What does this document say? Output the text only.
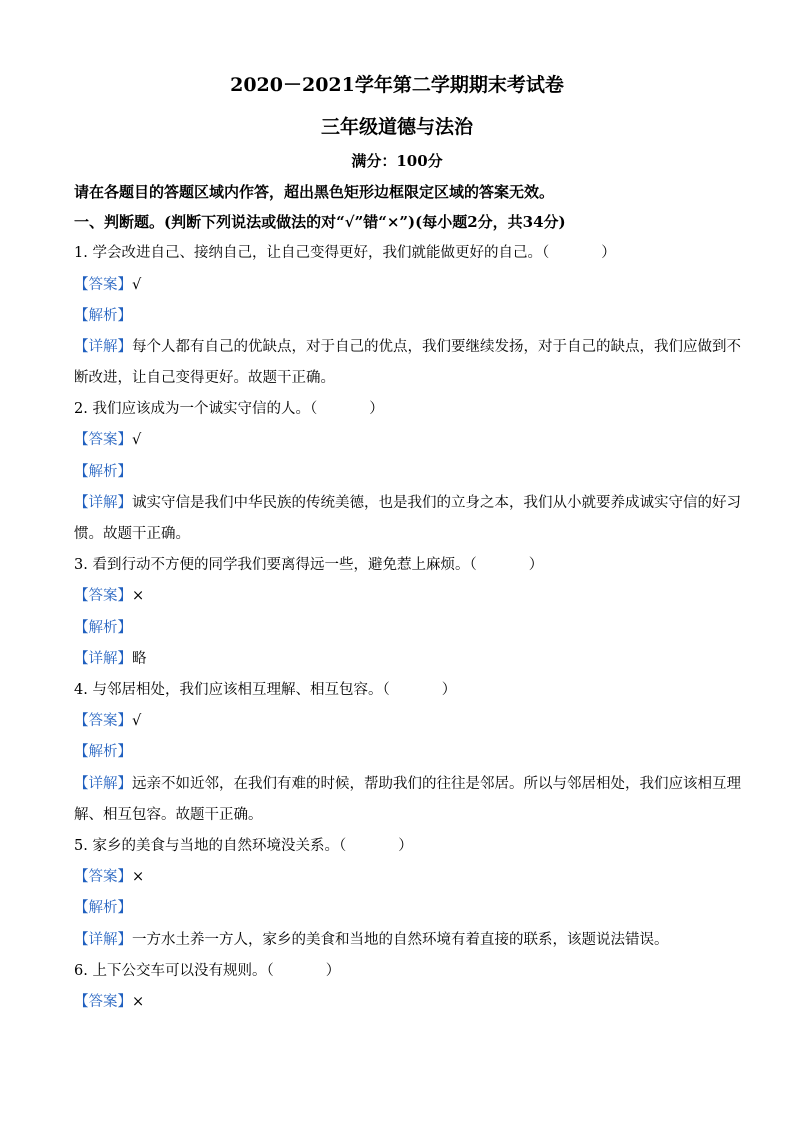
2020－2021学年第二学期期末考试卷
三年级道德与法治
满分：100分
请在各题目的答题区域内作答，超出黑色矩形边框限定区域的答案无效。
一、判断题。(判断下列说法或做法的对“√”错“×”)(每小题2分，共34分)
1. 学会改进自己、接纳自己，让自己变得更好，我们就能做更好的自己。（	）
【答案】√
【解析】
【详解】每个人都有自己的优缺点，对于自己的优点，我们要继续发扬，对于自己的缺点，我们应做到不
断改进，让自己变得更好。故题干正确。
2. 我们应该成为一个诚实守信的人。（	）
【答案】√
【解析】
【详解】诚实守信是我们中华民族的传统美德，也是我们的立身之本，我们从小就要养成诚实守信的好习
惯。故题干正确。
3. 看到行动不方便的同学我们要离得远一些，避免惹上麻烦。（	）
【答案】×
【解析】
【详解】略
4. 与邻居相处，我们应该相互理解、相互包容。（	）
【答案】√
【解析】
【详解】远亲不如近邻，在我们有难的时候，帮助我们的往往是邻居。所以与邻居相处，我们应该相互理
解、相互包容。故题干正确。
5. 家乡的美食与当地的自然环境没关系。（	）
【答案】×
【解析】
【详解】一方水土养一方人，家乡的美食和当地的自然环境有着直接的联系，该题说法错误。
6. 上下公交车可以没有规则。（	）
【答案】×
